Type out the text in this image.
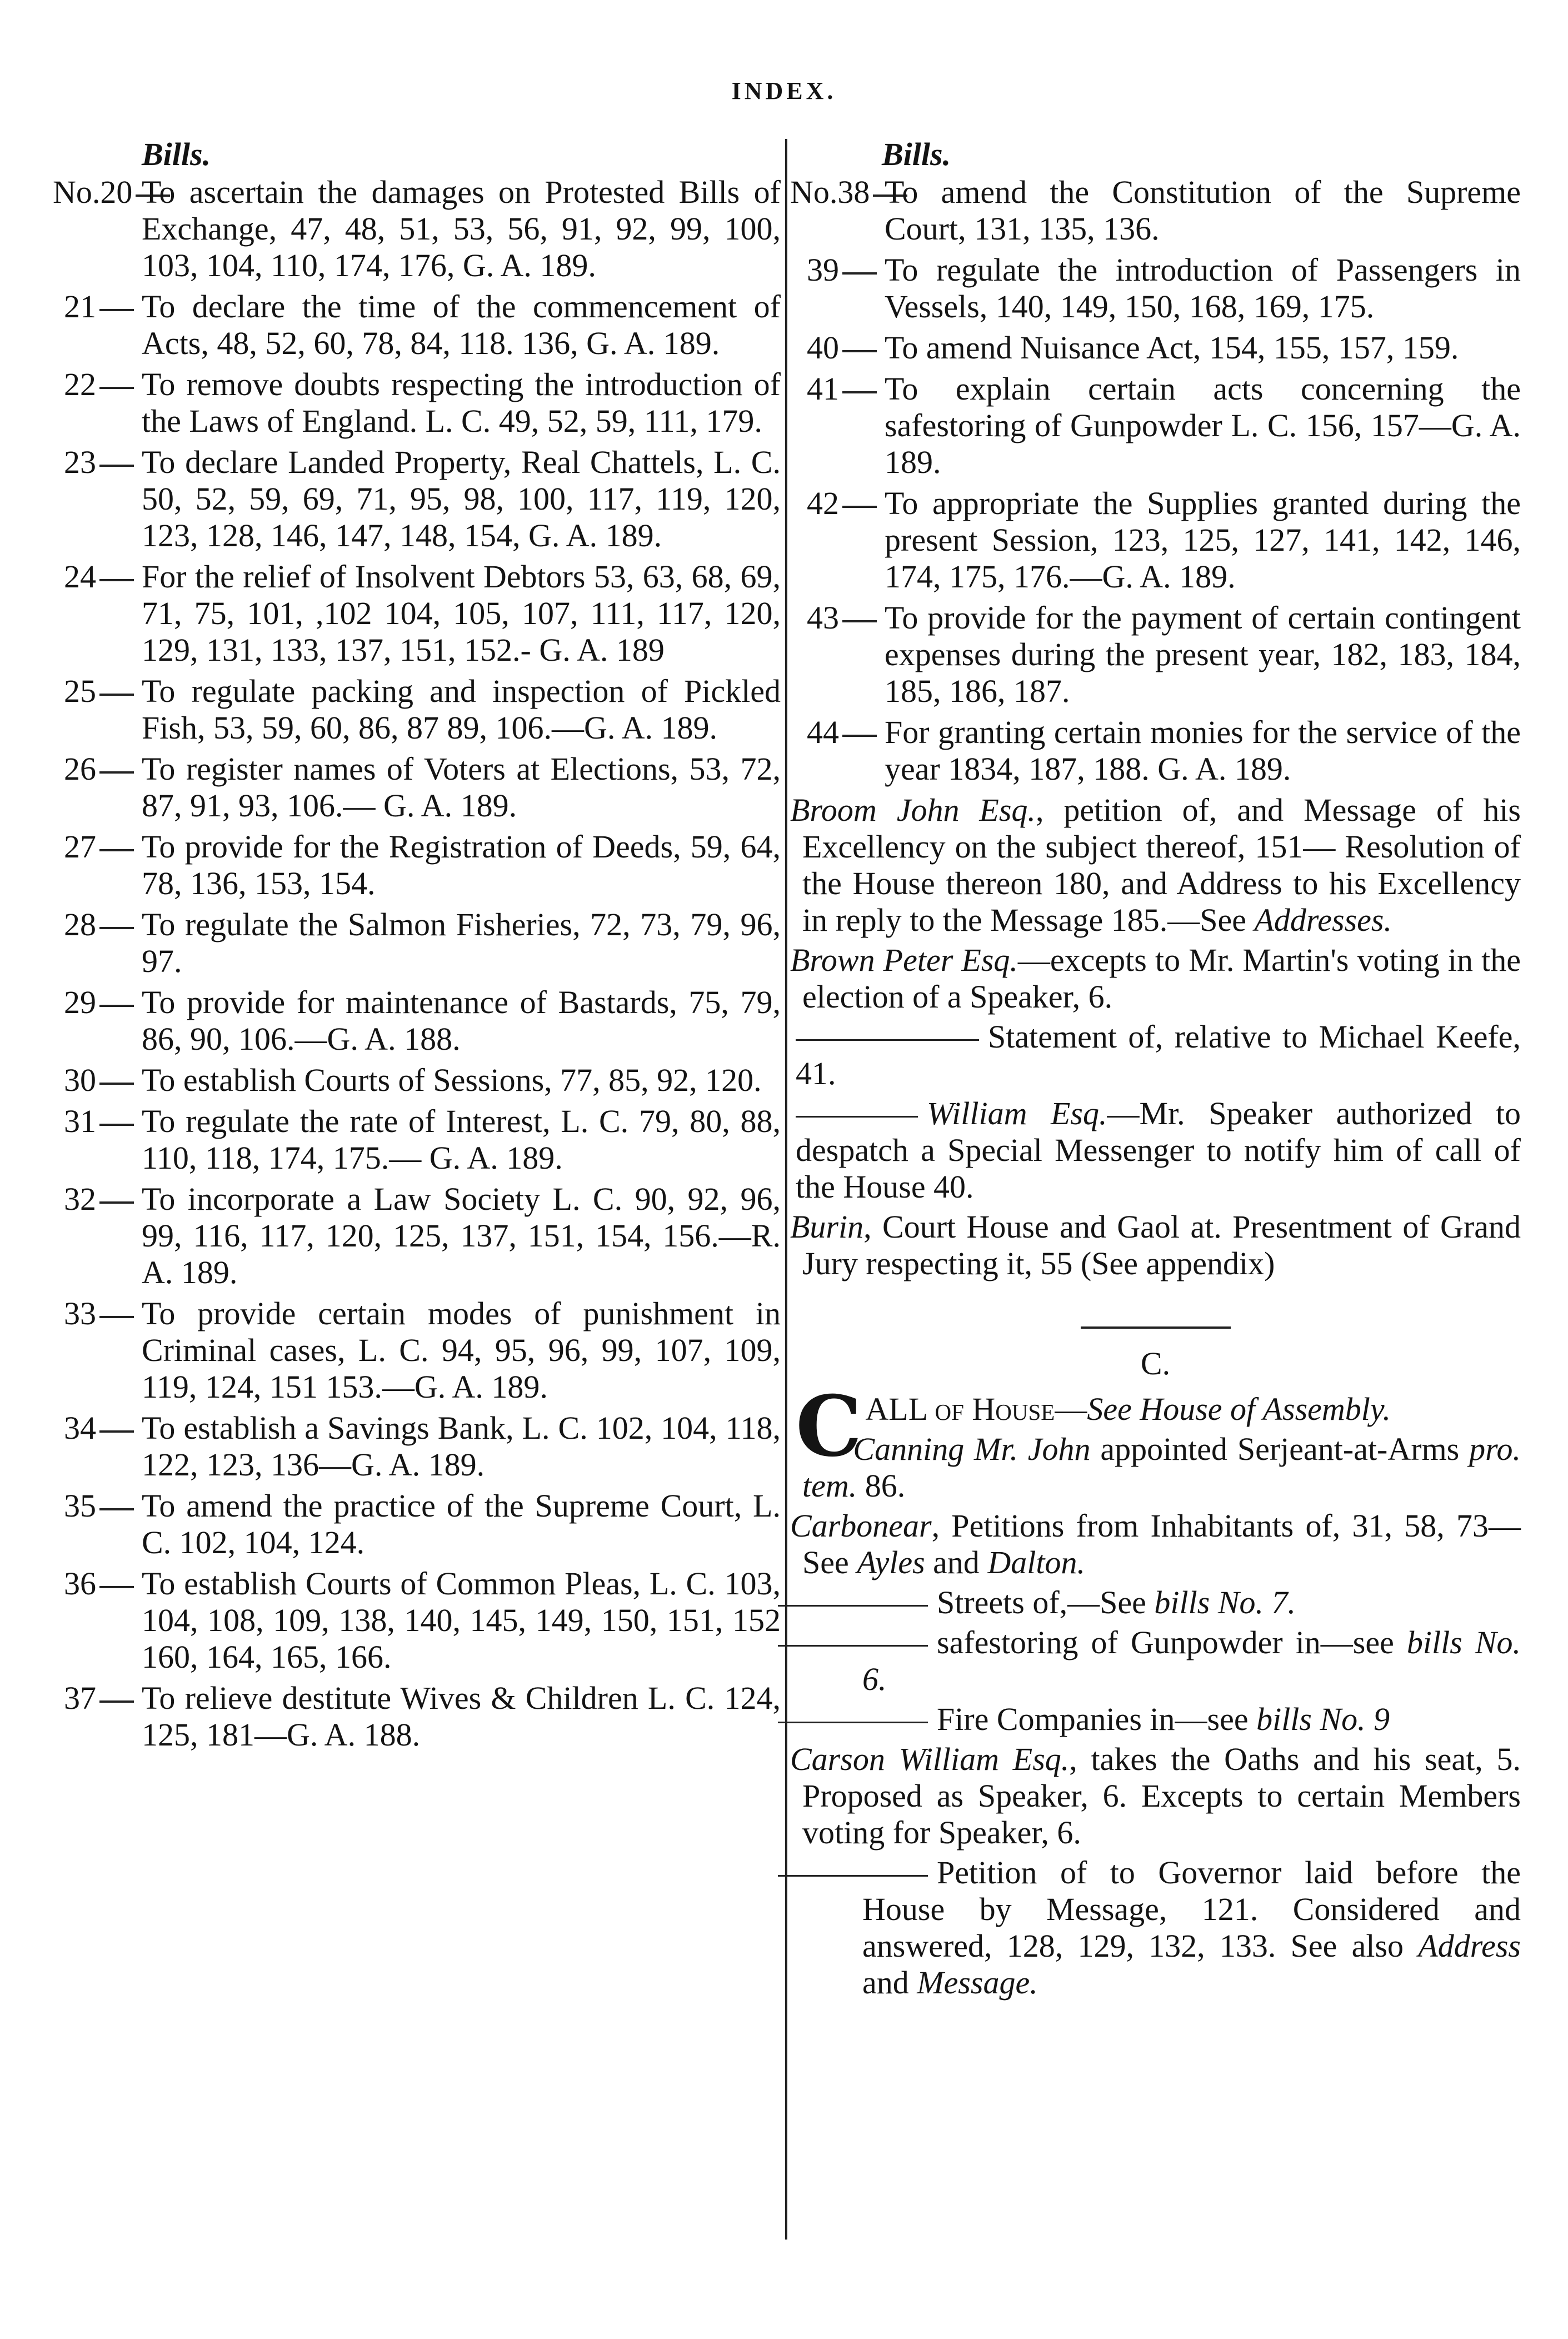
INDEX.
Bills.
No.20 To ascertain the damages on Protested Bills of Exchange, 47, 48, 51, 53, 56, 91, 92, 99, 100, 103, 104, 110, 174, 176, G. A. 189.
21	To declare the time of the commencement of Acts, 48, 52, 60, 78, 84, 118. 136, G. A. 189.
22	To remove doubts respecting the introduction of the Laws of England. L. C. 49, 52, 59, 111, 179.
23	To declare Landed Property, Real Chattels, L. C. 50, 52, 59, 69, 71, 95, 98, 100, 117, 119, 120, 123, 128, 146, 147, 148, 154, G. A. 189.
24	For the relief of Insolvent Debtors 53, 63, 68, 69, 71, 75, 101, ,102 104, 105, 107, 111, 117, 120, 129, 131, 133, 137, 151, 152.- G. A. 189
25	To regulate packing and inspection of Pickled Fish, 53, 59, 60, 86, 87 89, 106.—G. A. 189.
26	To register names of Voters at Elections, 53, 72, 87, 91, 93, 106.— G. A. 189.
27	To provide for the Registration of Deeds, 59, 64, 78, 136, 153, 154.
28	To regulate the Salmon Fisheries, 72, 73, 79, 96, 97.
29	To provide for maintenance of Bastards, 75, 79, 86, 90, 106.—G. A. 188.
30	To establish Courts of Sessions, 77, 85, 92, 120.
31	To regulate the rate of Interest, L. C. 79, 80, 88, 110, 118, 174, 175.— G. A. 189.
32	To incorporate a Law Society L. C. 90, 92, 96, 99, 116, 117, 120, 125, 137, 151, 154, 156.—R. A. 189.
33	To provide certain modes of punishment in Criminal cases, L. C. 94, 95, 96, 99, 107, 109, 119, 124, 151 153.—G. A. 189.
34	To establish a Savings Bank, L. C. 102, 104, 118, 122, 123, 136—G. A. 189.
35	To amend the practice of the Supreme Court, L. C. 102, 104, 124.
36	To establish Courts of Common Pleas, L. C. 103, 104, 108, 109, 138, 140, 145, 149, 150, 151, 152 160, 164, 165, 166.
37	To relieve destitute Wives & Children L. C. 124, 125, 181—G. A. 188.
Bills.
No.38 To amend the Constitution of the Supreme Court, 131, 135, 136.
39	To regulate the introduction of Passengers in Vessels, 140, 149, 150, 168, 169, 175.
40	To amend Nuisance Act, 154, 155, 157, 159.
41	To explain certain acts concerning the safestoring of Gunpowder L. C. 156, 157—G. A. 189.
42	To appropriate the Supplies granted during the present Session, 123, 125, 127, 141, 142, 146, 174, 175, 176.—G. A. 189.
43	To provide for the payment of certain contingent expenses during the present year, 182, 183, 184, 185, 186, 187.
44	For granting certain monies for the service of the year 1834, 187, 188. G. A. 189.
Broom John Esq., petition of, and Message of his Excellency on the subject thereof, 151— Resolution of the House thereon 180, and Address to his Excellency in reply to the Message 185.—See Addresses.
Brown Peter Esq.—excepts to Mr. Martin's voting in the election of a Speaker, 6.
Statement of, relative to Michael Keefe, 41.
William Esq.—Mr. Speaker authorized to despatch a Special Messenger to notify him of call of the House 40.
Burin, Court House and Gaol at. Presentment of Grand Jury respecting it, 55 (See appendix)
C.
CALL of House—See House of Assembly.
Canning Mr. John appointed Serjeant-at-Arms pro. tem. 86.
Carbonear, Petitions from Inhabitants of, 31, 58, 73—See Ayles and Dalton.
Streets of,—See bills No. 7.
safestoring of Gunpowder in—see bills No. 6.
Fire Companies in—see bills No. 9
Carson William Esq., takes the Oaths and his seat, 5. Proposed as Speaker, 6. Excepts to certain Members voting for Speaker, 6.
Petition of to Governor laid before the House by Message, 121. Considered and answered, 128, 129, 132, 133. See also Address and Message.
